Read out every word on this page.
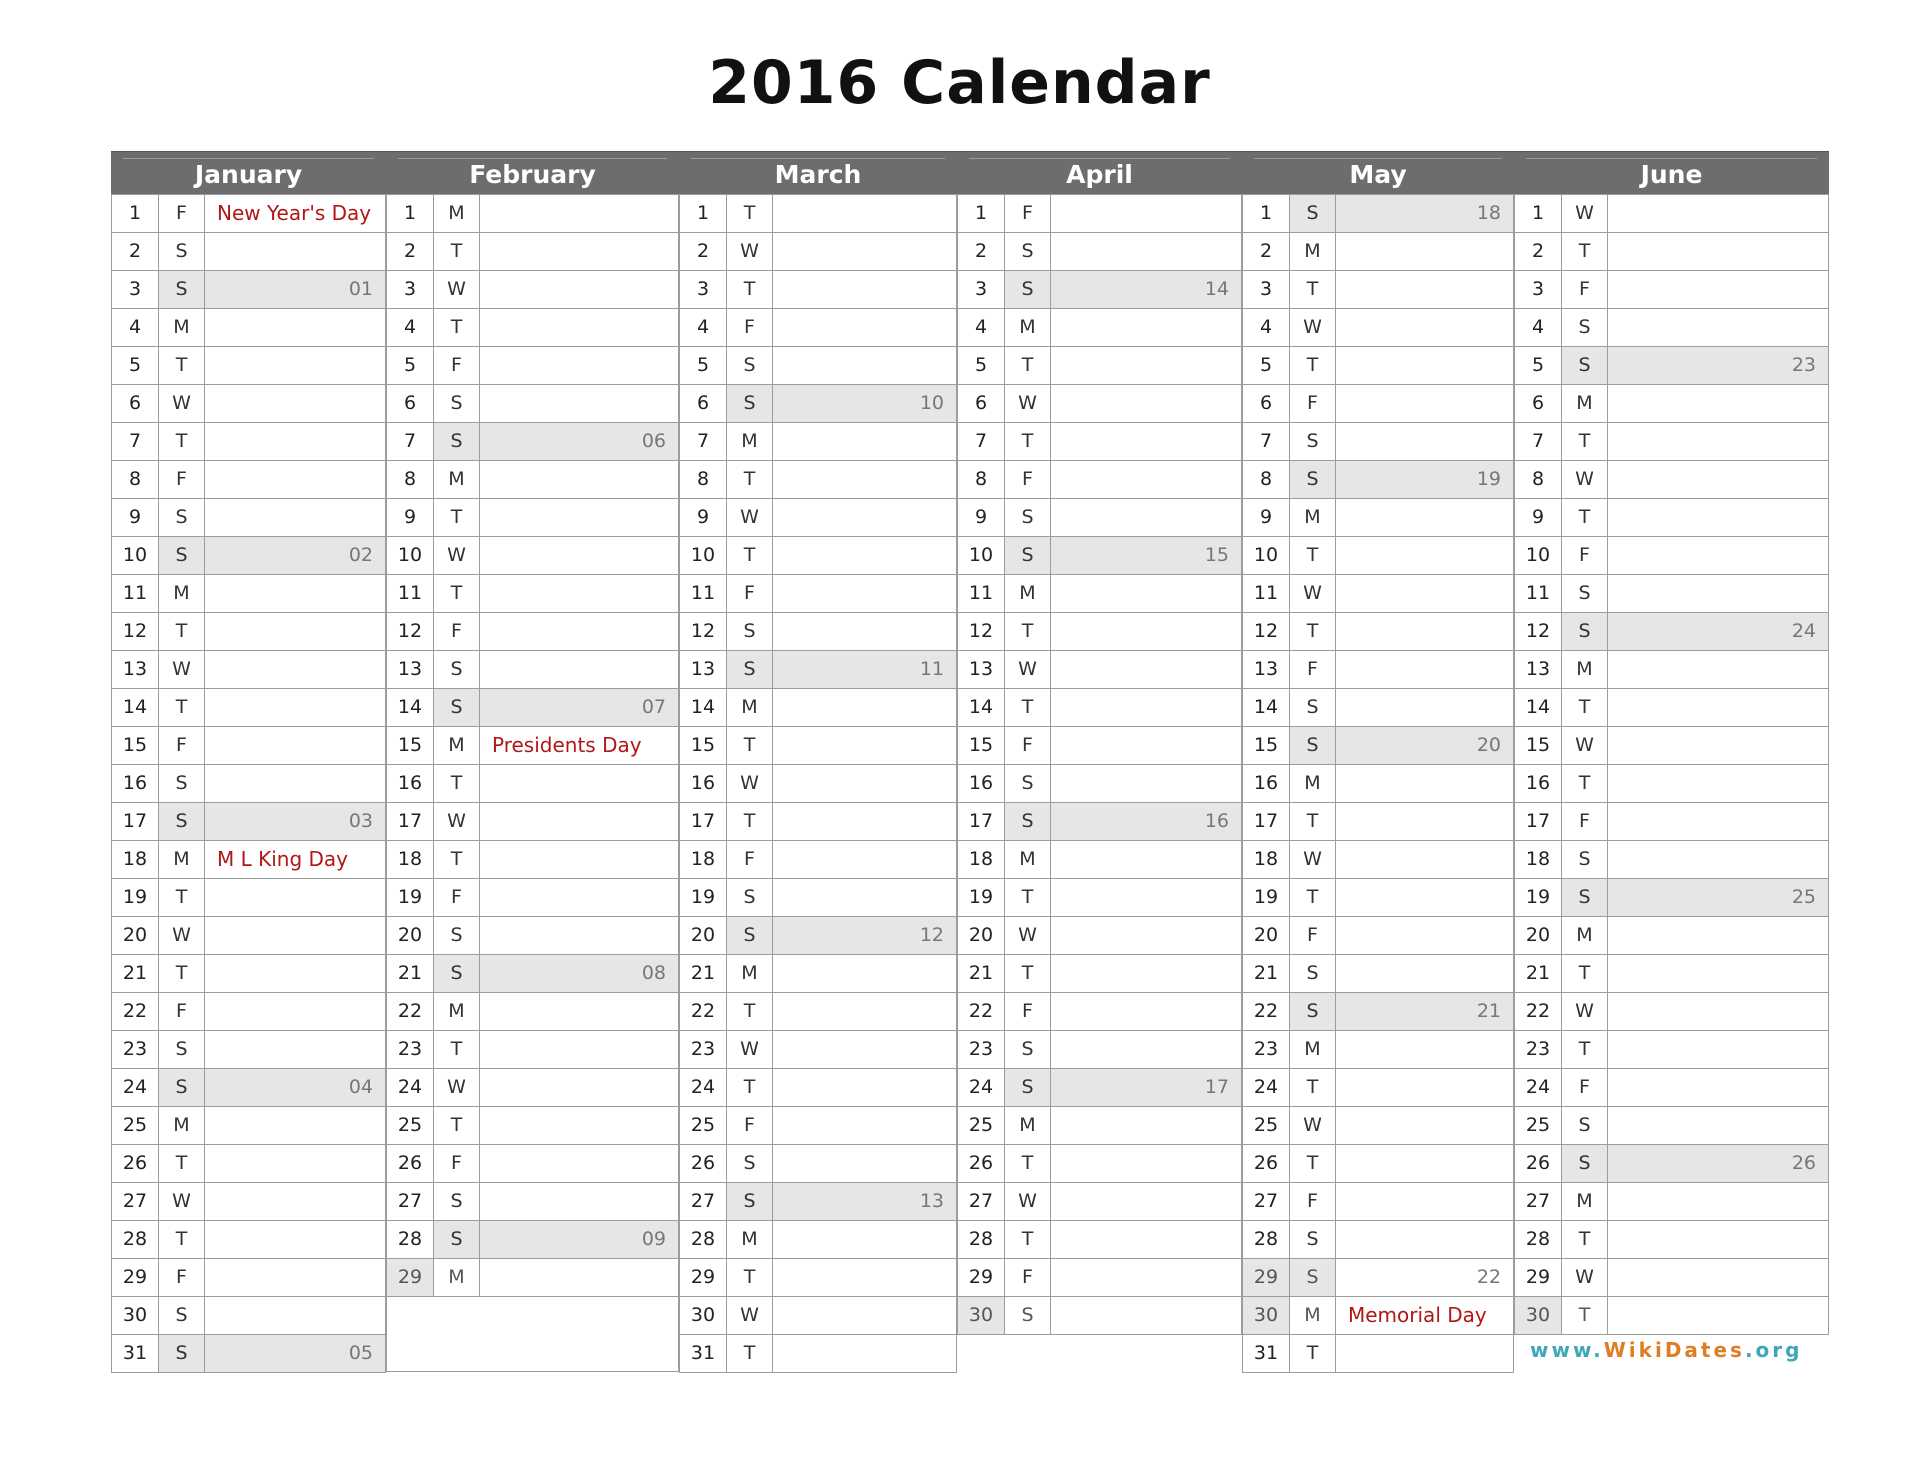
2016 Calendar
January
1	F	New Year's Day
2	S
3	S	01
4	M
5	T
6	W
7	T
8	F
9	S
10	S	02
11	M
12	T
13	W
14	T
15	F
16	S
17	S	03
18	M	M L King Day
19	T
20	W
21	T
22	F
23	S
24	S	04
25	M
26	T
27	W
28	T
29	F
30	S
31	S	05
February
1	M
2	T
3	W
4	T
5	F
6	S
7	S	06
8	M
9	T
10	W
11	T
12	F
13	S
14	S	07
15	M	Presidents Day
16	T
17	W
18	T
19	F
20	S
21	S	08
22	M
23	T
24	W
25	T
26	F
27	S
28	S	09
29	M
March
1	T
2	W
3	T
4	F
5	S
6	S	10
7	M
8	T
9	W
10	T
11	F
12	S
13	S	11
14	M
15	T
16	W
17	T
18	F
19	S
20	S	12
21	M
22	T
23	W
24	T
25	F
26	S
27	S	13
28	M
29	T
30	W
31	T
April
1	F
2	S
3	S	14
4	M
5	T
6	W
7	T
8	F
9	S
10	S	15
11	M
12	T
13	W
14	T
15	F
16	S
17	S	16
18	M
19	T
20	W
21	T
22	F
23	S
24	S	17
25	M
26	T
27	W
28	T
29	F
30	S
May
1	S	18
2	M
3	T
4	W
5	T
6	F
7	S
8	S	19
9	M
10	T
11	W
12	T
13	F
14	S
15	S	20
16	M
17	T
18	W
19	T
20	F
21	S
22	S	21
23	M
24	T
25	W
26	T
27	F
28	S
29	S	22
30	M	Memorial Day
31	T
June
1	W
2	T
3	F
4	S
5	S	23
6	M
7	T
8	W
9	T
10	F
11	S
12	S	24
13	M
14	T
15	W
16	T
17	F
18	S
19	S	25
20	M
21	T
22	W
23	T
24	F
25	S
26	S	26
27	M
28	T
29	W
30	T
www.WikiDates.org
